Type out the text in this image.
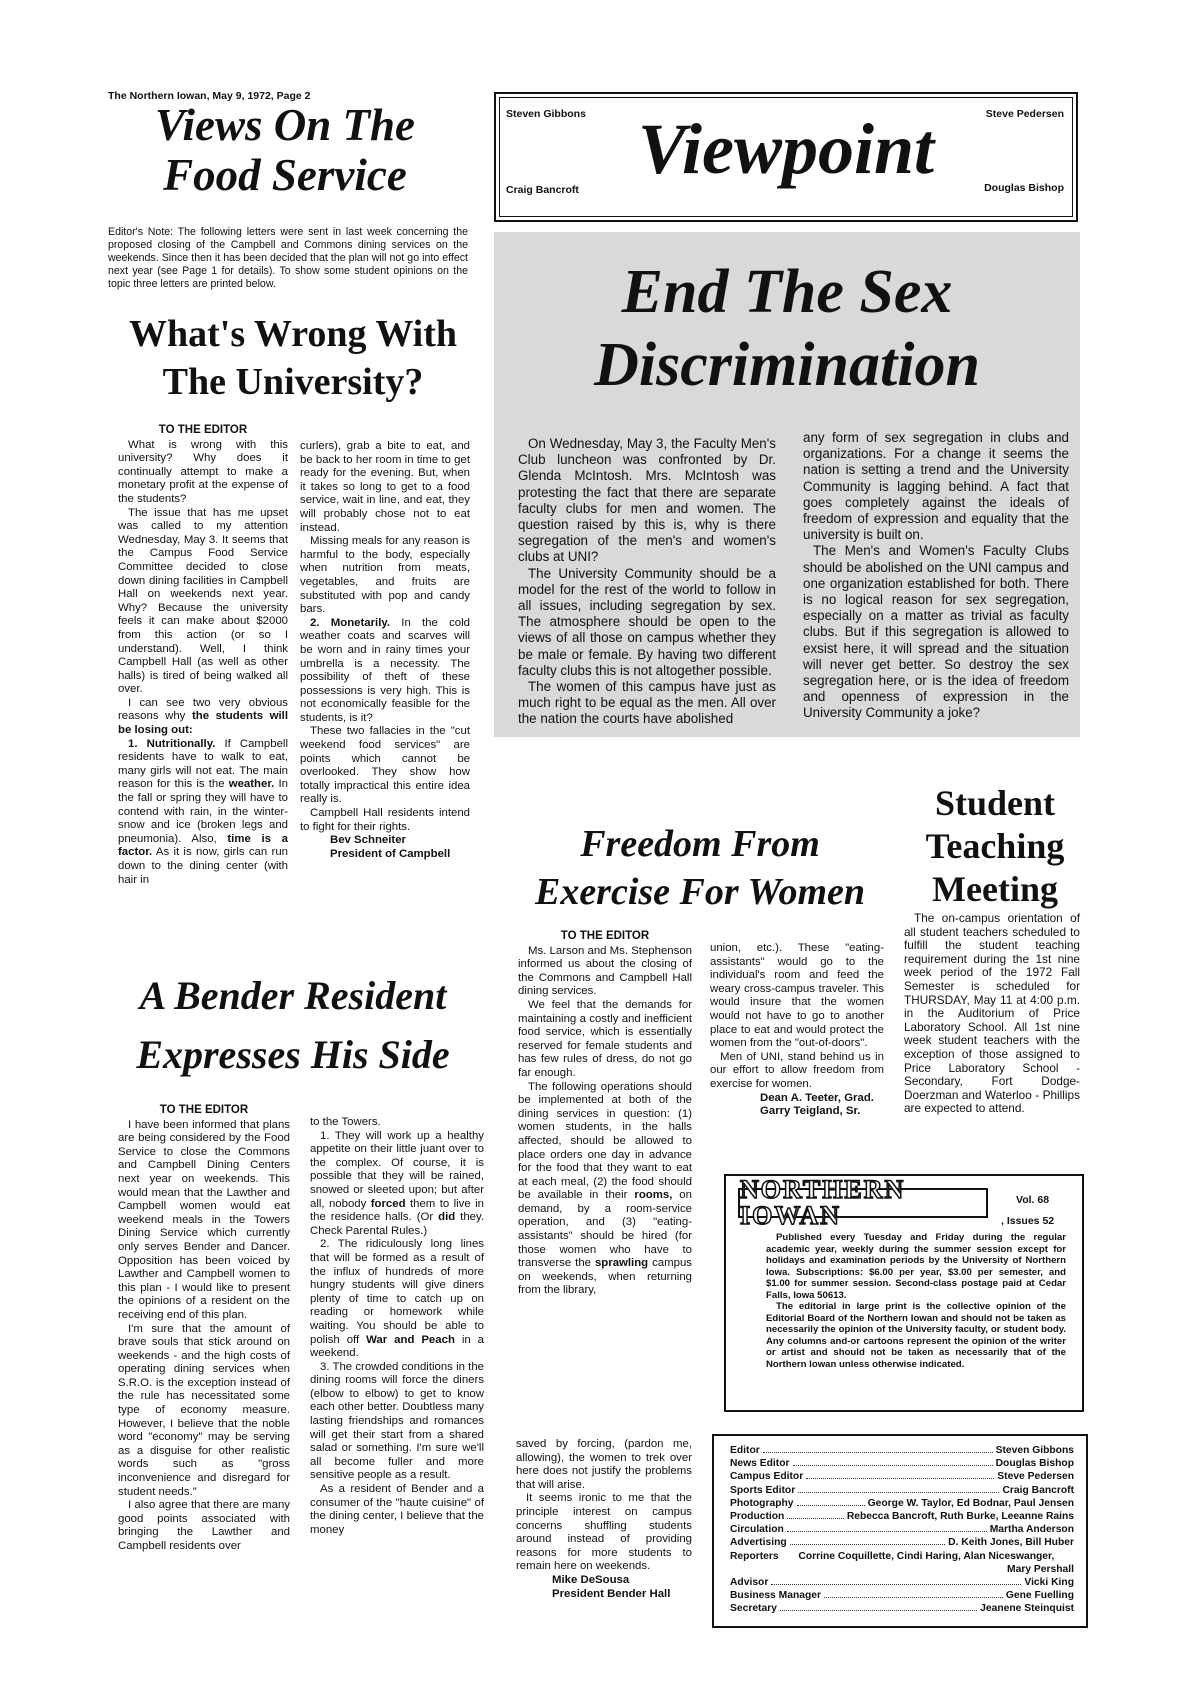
The Northern Iowan, May 9, 1972, Page 2
Views On The Food Service
Editor's Note: The following letters were sent in last week concerning the proposed closing of the Campbell and Commons dining services on the weekends. Since then it has been decided that the plan will not go into effect next year (see Page 1 for details). To show some student opinions on the topic three letters are printed below.
What's Wrong With The University?
TO THE EDITOR

What is wrong with this university? Why does it continually attempt to make a monetary profit at the expense of the students?

The issue that has me upset was called to my attention Wednesday, May 3. It seems that the Campus Food Service Committee decided to close down dining facilities in Campbell Hall on weekends next year. Why? Because the university feels it can make about $2000 from this action (or so I understand). Well, I think Campbell Hall (as well as other halls) is tired of being walked all over.

I can see two very obvious reasons why the students will be losing out:

1. Nutritionally. If Campbell residents have to walk to eat, many girls will not eat. The main reason for this is the weather. In the fall or spring they will have to contend with rain, in the winter-snow and ice (broken legs and pneumonia). Also, time is a factor. As it is now, girls can run down to the dining center (with hair in

curlers), grab a bite to eat, and be back to her room in time to get ready for the evening. But, when it takes so long to get to a food service, wait in line, and eat, they will probably chose not to eat instead.

Missing meals for any reason is harmful to the body, especially when nutrition from meats, vegetables, and fruits are substituted with pop and candy bars.

2. Monetarily. In the cold weather coats and scarves will be worn and in rainy times your umbrella is a necessity. The possibility of theft of these possessions is very high. This is not economically feasible for the students, is it?

These two fallacies in the "cut weekend food services" are points which cannot be overlooked. They show how totally impractical this entire idea really is.

Campbell Hall residents intend to fight for their rights.

Bev Schneiter
President of Campbell
Steven Gibbons	Steve Pedersen
Craig Bancroft	Douglas Bishop
Viewpoint
End The Sex
Discrimination

On Wednesday, May 3, the Faculty Men's Club luncheon was confronted by Dr. Glenda McIntosh. Mrs. McIntosh was protesting the fact that there are separate faculty clubs for men and women. The question raised by this is, why is there segregation of the men's and women's clubs at UNI?

The University Community should be a model for the rest of the world to follow in all issues, including segregation by sex. The atmosphere should be open to the views of all those on campus whether they be male or female. By having two different faculty clubs this is not altogether possible.

The women of this campus have just as much right to be equal as the men. All over the nation the courts have abolished

any form of sex segregation in clubs and organizations. For a change it seems the nation is setting a trend and the University Community is lagging behind. A fact that goes completely against the ideals of freedom of expression and equality that the university is built on.

The Men's and Women's Faculty Clubs should be abolished on the UNI campus and one organization established for both. There is no logical reason for sex segregation, especially on a matter as trivial as faculty clubs. But if this segregation is allowed to exsist here, it will spread and the situation will never get better. So destroy the sex segregation here, or is the idea of freedom and openness of expression in the University Community a joke?

Freedom From
Exercise For Women
TO THE EDITOR

Ms. Larson and Ms. Stephenson informed us about the closing of the Commons and Campbell Hall dining services.

We feel that the demands for maintaining a costly and inefficient food service, which is essentially reserved for female students and has few rules of dress, do not go far enough.

The following operations should be implemented at both of the dining services in question: (1) women students, in the halls affected, should be allowed to place orders one day in advance for the food that they want to eat at each meal, (2) the food should be available in their rooms, on demand, by a room-service operation, and (3) "eating-assistants" should be hired (for those women who have to transverse the sprawling campus on weekends, when returning from the library,

union, etc.). These "eating-assistants" would go to the individual's room and feed the weary cross-campus traveler. This would insure that the women would not have to go to another place to eat and would protect the women from the "out-of-doors".

Men of UNI, stand behind us in our effort to allow freedom from exercise for women.

Dean A. Teeter, Grad.
Garry Teigland, Sr.
Student
Teaching
Meeting

The on-campus orientation of all student teachers scheduled to fulfill the student teaching requirement during the 1st nine week period of the 1972 Fall Semester is scheduled for THURSDAY, May 11 at 4:00 p.m. in the Auditorium of Price Laboratory School. All 1st nine week student teachers with the exception of those assigned to Price Laboratory School - Secondary, Fort Dodge-Doerzman and Waterloo - Phillips are expected to attend.

NORTHERN IOWAN
Vol. 68
, Issues 52

Published every Tuesday and Friday during the regular academic year, weekly during the summer session except for holidays and examination periods by the University of Northern Iowa. Subscriptions: $6.00 per year, $3.00 per semester, and $1.00 for summer session. Second-class postage paid at Cedar Falls, Iowa 50613.

The editorial in large print is the collective opinion of the Editorial Board of the Northern Iowan and should not be taken as necessarily the opinion of the University faculty, or student body. Any columns and-or cartoons represent the opinion of the writer or artist and should not be taken as necessarily that of the Northern Iowan unless otherwise indicated.

Editor	Steven Gibbons
News Editor	Douglas Bishop
Campus Editor	Steve Pedersen
Sports Editor	Craig Bancroft
Photography	George W. Taylor, Ed Bodnar, Paul Jensen
Production	Rebecca Bancroft, Ruth Burke, Leeanne Rains
Circulation	Martha Anderson
Advertising	D. Keith Jones, Bill Huber
Reporters Corrine Coquillette, Cindi Haring, Alan Niceswanger,
Mary Pershall
Advisor	Vicki King
Business Manager	Gene Fuelling
Secretary	Jeanene Steinquist
A Bender Resident
Expresses His Side
TO THE EDITOR

I have been informed that plans are being considered by the Food Service to close the Commons and Campbell Dining Centers next year on weekends. This would mean that the Lawther and Campbell women would eat weekend meals in the Towers Dining Service which currently only serves Bender and Dancer. Opposition has been voiced by Lawther and Campbell women to this plan - I would like to present the opinions of a resident on the receiving end of this plan.

I'm sure that the amount of brave souls that stick around on weekends - and the high costs of operating dining services when S.R.O. is the exception instead of the rule has necessitated some type of economy measure. However, I believe that the noble word "economy" may be serving as a disguise for other realistic words such as "gross inconvenience and disregard for student needs."

I also agree that there are many good points associated with bringing the Lawther and Campbell residents over

to the Towers.

1. They will work up a healthy appetite on their little juant over to the complex. Of course, it is possible that they will be rained, snowed or sleeted upon; but after all, nobody forced them to live in the residence halls. (Or did they. Check Parental Rules.)

2. The ridiculously long lines that will be formed as a result of the influx of hundreds of more hungry students will give diners plenty of time to catch up on reading or homework while waiting. You should be able to polish off War and Peach in a weekend.

3. The crowded conditions in the dining rooms will force the diners (elbow to elbow) to get to know each other better. Doubtless many lasting friendships and romances will get their start from a shared salad or something. I'm sure we'll all become fuller and more sensitive people as a result.

As a resident of Bender and a consumer of the "haute cuisine" of the dining center, I believe that the money

saved by forcing, (pardon me, allowing), the women to trek over here does not justify the problems that will arise.

It seems ironic to me that the principle interest on campus concerns shuffling students around instead of providing reasons for more students to remain here on weekends.

Mike DeSousa
President Bender Hall
